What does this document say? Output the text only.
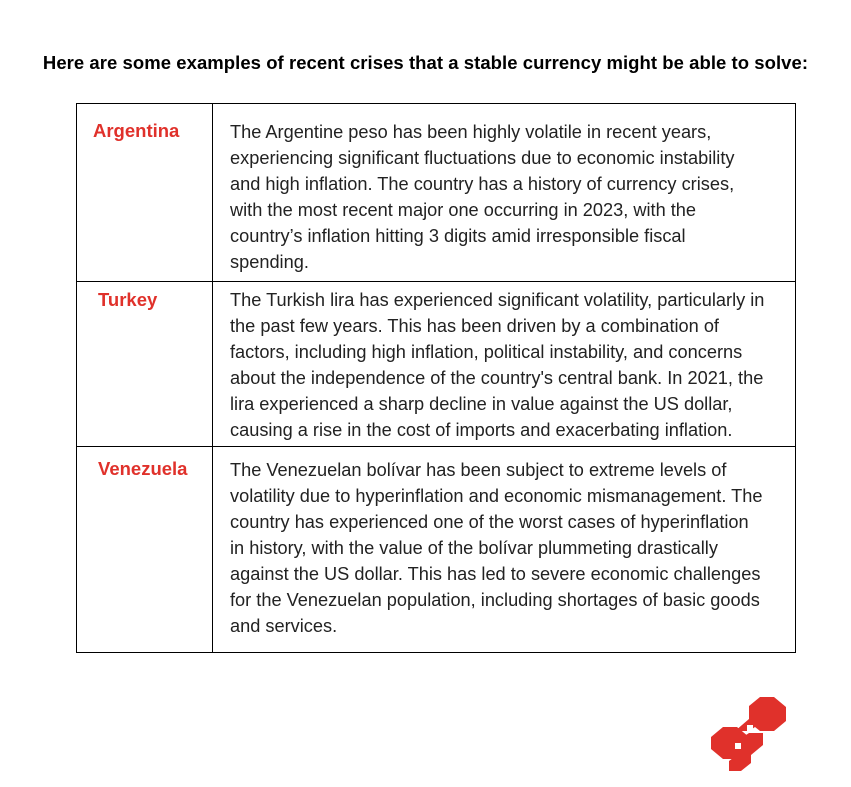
Here are some examples of recent crises that a stable currency might be able to solve:
Argentina	The Argentine peso has been highly volatile in recent years, experiencing significant fluctuations due to economic instability and high inflation. The country has a history of currency crises, with the most recent major one occurring in 2023, with the country’s inflation hitting 3 digits amid irresponsible fiscal spending.

Turkey	The Turkish lira has experienced significant volatility, particularly in the past few years. This has been driven by a combination of factors, including high inflation, political instability, and concerns about the independence of the country's central bank. In 2021, the lira experienced a sharp decline in value against the US dollar, causing a rise in the cost of imports and exacerbating inflation.

Venezuela	The Venezuelan bolívar has been subject to extreme levels of volatility due to hyperinflation and economic mismanagement. The country has experienced one of the worst cases of hyperinflation in history, with the value of the bolívar plummeting drastically against the US dollar. This has led to severe economic challenges for the Venezuelan population, including shortages of basic goods and services.
